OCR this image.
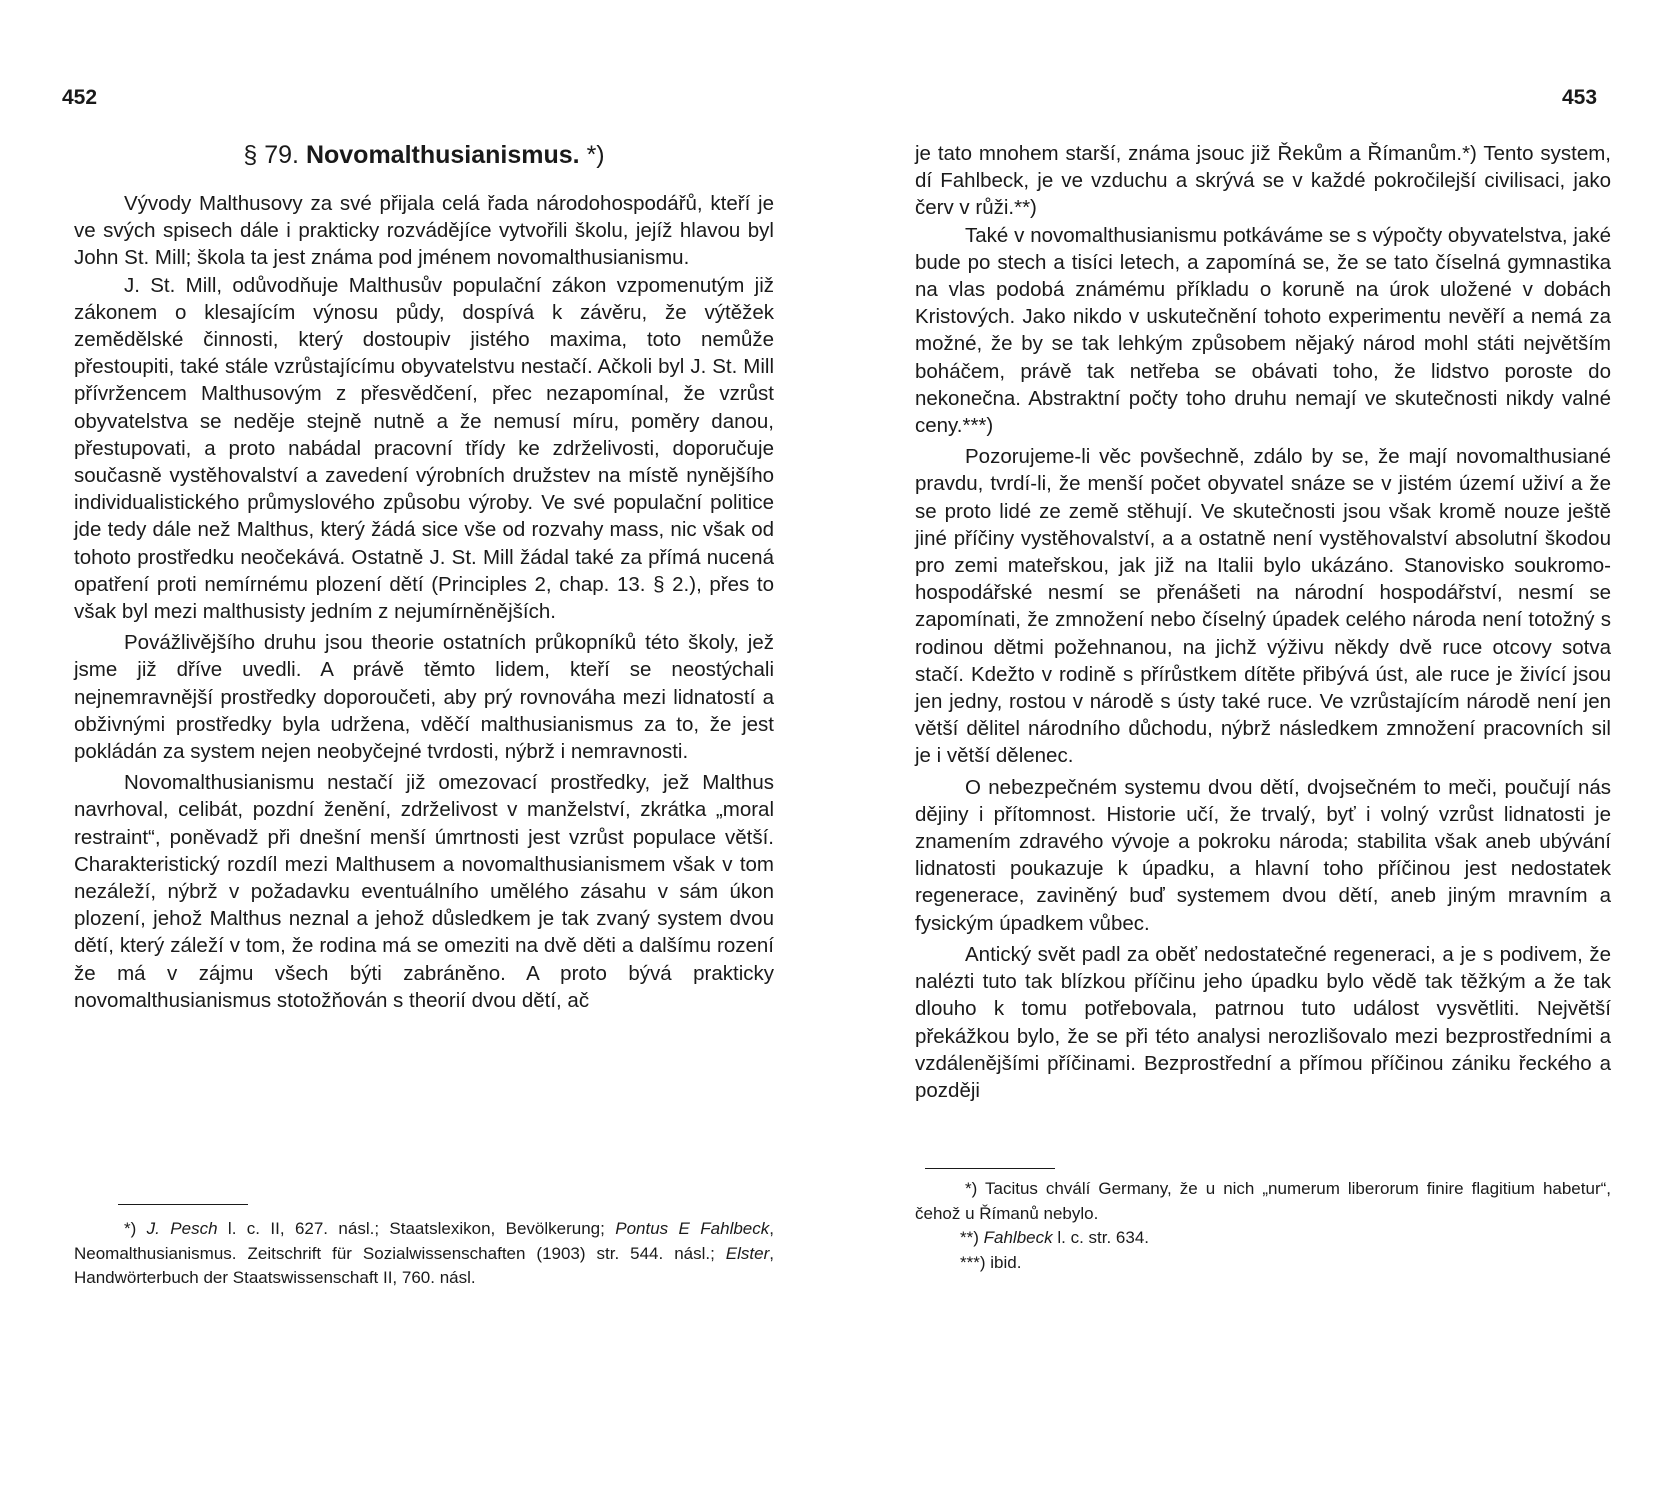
452
§ 79. Novomalthusianismus. *)

Vývody Malthusovy za své přijala celá řada národohospodářů, kteří je ve svých spisech dále i prakticky rozvádějíce vytvořili školu, jejíž hlavou byl John St. Mill; škola ta jest známa pod jménem novomalthusianismu.

J. St. Mill, odůvodňuje Malthusův populační zákon vzpomenutým již zákonem o klesajícím výnosu půdy, dospívá k závěru, že výtěžek zemědělské činnosti, který dostoupiv jistého maxima, toto nemůže přestoupiti, také stále vzrůstajícímu obyvatelstvu nestačí. Ačkoli byl J. St. Mill přívržencem Malthusovým z přesvědčení, přec nezapomínal, že vzrůst obyvatelstva se neděje stejně nutně a že nemusí míru, poměry danou, přestupovati, a proto nabádal pracovní třídy ke zdrželivosti, doporučuje současně vystěhovalství a zavedení výrobních družstev na místě nynějšího individualistického průmyslového způsobu výroby. Ve své populační politice jde tedy dále než Malthus, který žádá sice vše od rozvahy mass, nic však od tohoto prostředku neočekává. Ostatně J. St. Mill žádal také za přímá nucená opatření proti nemírnému plození dětí (Principles 2, chap. 13. § 2.), přes to však byl mezi malthusisty jedním z nejumírněnějších.

Povážlivějšího druhu jsou theorie ostatních průkopníků této školy, jež jsme již dříve uvedli. A právě těmto lidem, kteří se neostýchali nejnemravnější prostředky doporoučeti, aby prý rovnováha mezi lidnatostí a obživnými prostředky byla udržena, vděčí malthusianismus za to, že jest pokládán za system nejen neobyčejné tvrdosti, nýbrž i nemravnosti.

Novomalthusianismu nestačí již omezovací prostředky, jež Malthus navrhoval, celibát, pozdní ženění, zdrželivost v manželství, zkrátka „moral restraint“, poněvadž při dnešní menší úmrtnosti jest vzrůst populace větší. Charakteristický rozdíl mezi Malthusem a novomalthusianismem však v tom nezáleží, nýbrž v požadavku eventuálního umělého zásahu v sám úkon plození, jehož Malthus neznal a jehož důsledkem je tak zvaný system dvou dětí, který záleží v tom, že rodina má se omeziti na dvě děti a dalšímu rození že má v zájmu všech býti zabráněno. A proto bývá prakticky novomalthusianismus stotožňován s theorií dvou dětí, ač

*) J. Pesch l. c. II, 627. násl.; Staatslexikon, Bevölkerung; Pontus E Fahlbeck, Neomalthusianismus. Zeitschrift für Sozialwissenschaften (1903) str. 544. násl.; Elster, Handwörterbuch der Staatswissenschaft II, 760. násl.

453

je tato mnohem starší, známa jsouc již Řekům a Římanům.*) Tento system, dí Fahlbeck, je ve vzduchu a skrývá se v každé pokročilejší civilisaci, jako červ v růži.**)

Také v novomalthusianismu potkáváme se s výpočty obyvatelstva, jaké bude po stech a tisíci letech, a zapomíná se, že se tato číselná gymnastika na vlas podobá známému příkladu o koruně na úrok uložené v dobách Kristových. Jako nikdo v uskutečnění tohoto experimentu nevěří a nemá za možné, že by se tak lehkým způsobem nějaký národ mohl státi největším boháčem, právě tak netřeba se obávati toho, že lidstvo poroste do nekonečna. Abstraktní počty toho druhu nemají ve skutečnosti nikdy valné ceny.***)

Pozorujeme-li věc povšechně, zdálo by se, že mají novomalthusiané pravdu, tvrdí-li, že menší počet obyvatel snáze se v jistém území uživí a že se proto lidé ze země stěhují. Ve skutečnosti jsou však kromě nouze ještě jiné příčiny vystěhovalství, a a ostatně není vystěhovalství absolutní škodou pro zemi mateřskou, jak již na Italii bylo ukázáno. Stanovisko soukromo-hospodářské nesmí se přenášeti na národní hospodářství, nesmí se zapomínati, že zmnožení nebo číselný úpadek celého národa není totožný s rodinou dětmi požehnanou, na jichž výživu někdy dvě ruce otcovy sotva stačí. Kdežto v rodině s přírůstkem dítěte přibývá úst, ale ruce je živící jsou jen jedny, rostou v národě s ústy také ruce. Ve vzrůstajícím národě není jen větší dělitel národního důchodu, nýbrž následkem zmnožení pracovních sil je i větší dělenec.

O nebezpečném systemu dvou dětí, dvojsečném to meči, poučují nás dějiny i přítomnost. Historie učí, že trvalý, byť i volný vzrůst lidnatosti je znamením zdravého vývoje a pokroku národa; stabilita však aneb ubývání lidnatosti poukazuje k úpadku, a hlavní toho příčinou jest nedostatek regenerace, zaviněný buď systemem dvou dětí, aneb jiným mravním a fysickým úpadkem vůbec.

Antický svět padl za oběť nedostatečné regeneraci, a je s podivem, že nalézti tuto tak blízkou příčinu jeho úpadku bylo vědě tak těžkým a že tak dlouho k tomu potřebovala, patrnou tuto událost vysvětliti. Největší překážkou bylo, že se při této analysi nerozlišovalo mezi bezprostředními a vzdálenějšími příčinami. Bezprostřední a přímou příčinou zániku řeckého a později

*) Tacitus chválí Germany, že u nich „numerum liberorum finire flagitium habetur“, čehož u Římanů nebylo.

**) Fahlbeck l. c. str. 634.

***) ibid.
